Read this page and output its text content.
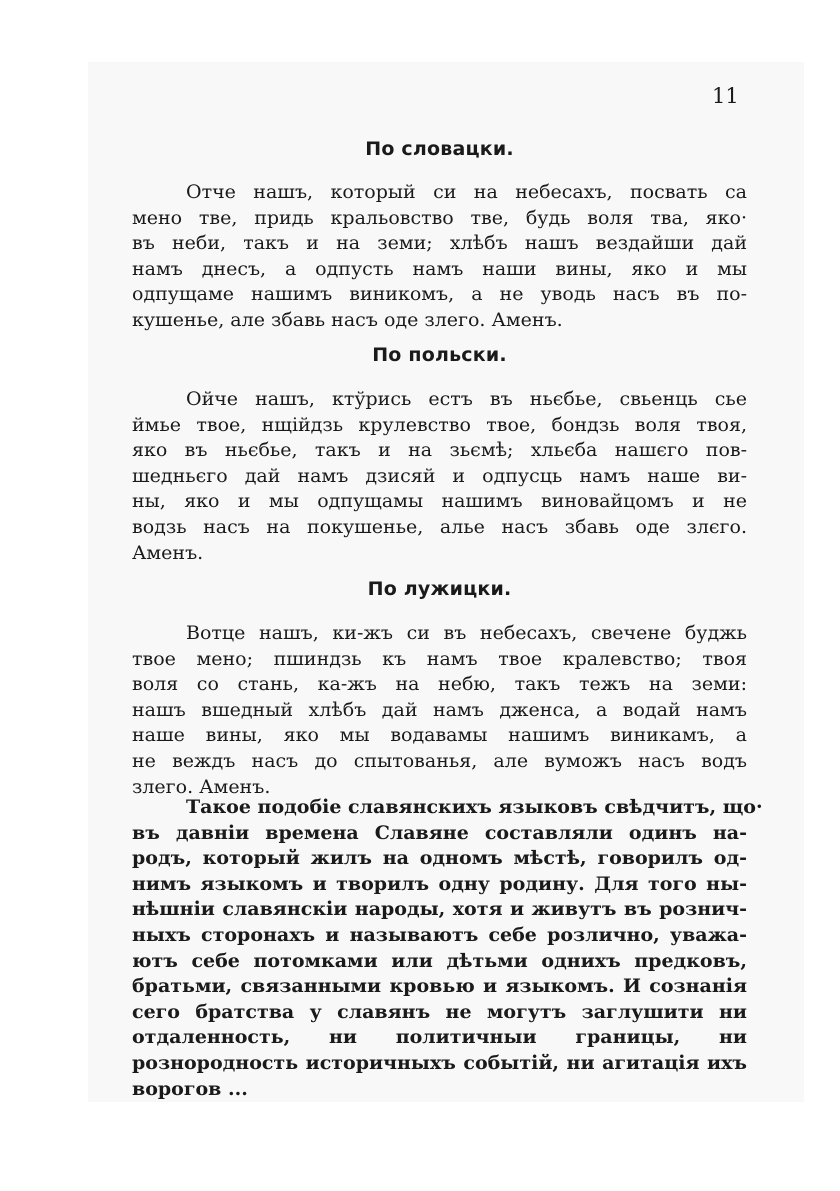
11
По словацки.
Отче нашъ, который си на небесахъ, посвать са
мено тве, придь кральовство тве, будь воля тва, яко·
въ неби, такъ и на земи; хлѣбъ нашъ вездайши дай
намъ днесъ, а одпусть намъ наши вины, яко и мы
одпущаме нашимъ виникомъ, а не уводь насъ въ по-
кушенье, але збавь насъ оде злего. Аменъ.
По польски.
Ойче нашъ, ктўрись естъ въ ньєбье, свьенць сье
ймье твое, нщійдзь крулевство твое, бондзь воля твоя,
яко въ ньєбье, такъ и на зьємѣ; хльєба нашєго пов-
шедньєго дай намъ дзисяй и одпусць намъ наше ви-
ны, яко и мы одпущамы нашимъ виновайцомъ и не
водзь насъ на покушенье, алье насъ збавь оде злєго.
Аменъ.
По лужицки.
Вотце нашъ, ки-жъ си въ небесахъ, свечене буджь
твое мено; пшиндзь къ намъ твое кралевство; твоя
воля со стань, ка-жъ на небю, такъ тежъ на земи:
нашъ вшедный хлѣбъ дай намъ дженса, а водай намъ
наше вины, яко мы водавамы нашимъ виникамъ, а
не веждъ насъ до спытованья, але вуможъ насъ водъ
злего. Аменъ.
Такое подобіе славянскихъ языковъ свѣдчитъ, що·
въ давнiи времена Славяне составляли одинъ на-
родъ, который жилъ на одномъ мѣстѣ, говорилъ од-
нимъ языкомъ и творилъ одну родину. Для того ны-
нѣшнiи славянскiи народы, хотя и живутъ въ рознич-
ныхъ сторонахъ и называютъ себе розлично, уважа-
ютъ себе потомками или дѣтьми однихъ предковъ,
братьми, связанными кровью и языкомъ. И сознанія
сего братства у славянъ не могутъ заглушити ни отдаленность, ни политичныи границы, ни рознородность историчныхъ событій, ни агитація ихъ ворогов ...
